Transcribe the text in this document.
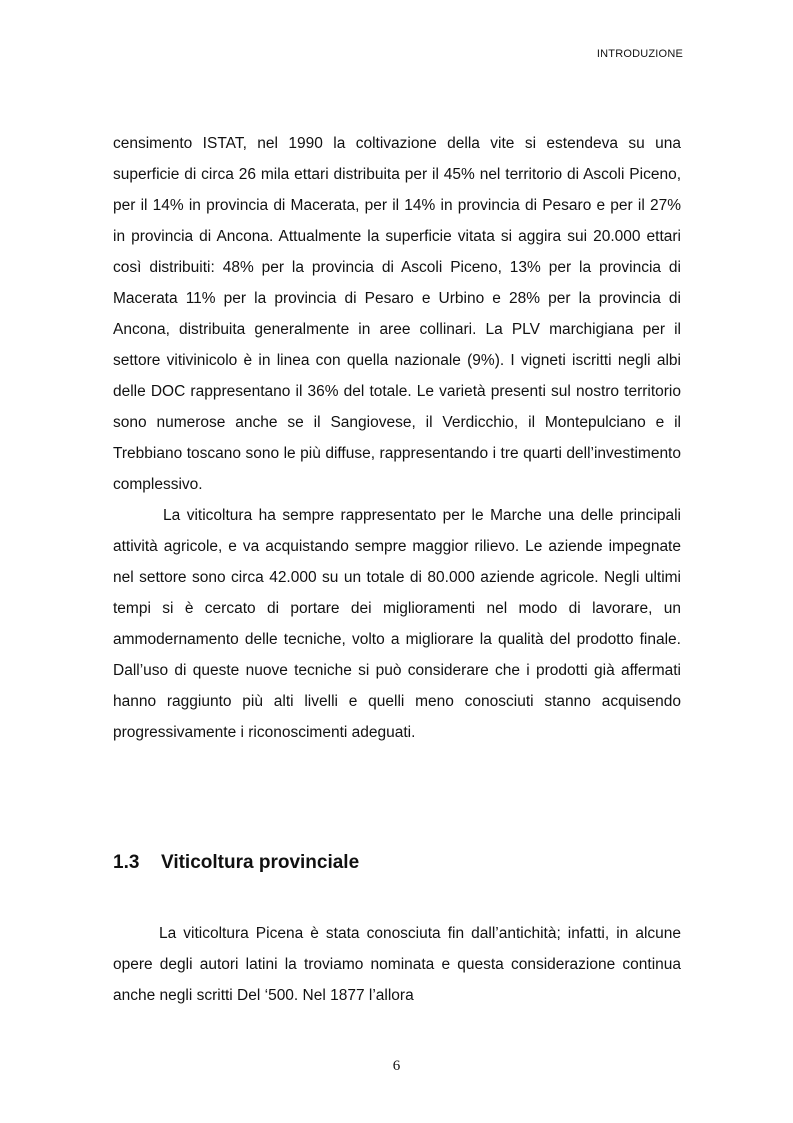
INTRODUZIONE

censimento ISTAT, nel 1990 la coltivazione della vite si estendeva su una superficie di circa 26 mila ettari distribuita per il 45% nel territorio di Ascoli Piceno, per il 14% in provincia di Macerata, per il 14% in provincia di Pesaro e per il 27% in provincia di Ancona. Attualmente la superficie vitata si aggira sui 20.000 ettari così distribuiti: 48% per la provincia di Ascoli Piceno, 13% per la provincia di Macerata 11% per la provincia di Pesaro e Urbino e 28% per la provincia di Ancona, distribuita generalmente in aree collinari. La PLV marchigiana per il settore vitivinicolo è in linea con quella nazionale (9%). I vigneti iscritti negli albi delle DOC rappresentano il 36% del totale. Le varietà presenti sul nostro territorio sono numerose anche se il Sangiovese, il Verdicchio, il Montepulciano e il Trebbiano toscano sono le più diffuse, rappresentando i tre quarti dell’investimento complessivo.

La viticoltura ha sempre rappresentato per le Marche una delle principali attività agricole, e va acquistando sempre maggior rilievo. Le aziende impegnate nel settore sono circa 42.000 su un totale di 80.000 aziende agricole. Negli ultimi tempi si è cercato di portare dei miglioramenti nel modo di lavorare, un ammodernamento delle tecniche, volto a migliorare la qualità del prodotto finale. Dall’uso di queste nuove tecniche si può considerare che i prodotti già affermati hanno raggiunto più alti livelli e quelli meno conosciuti stanno acquisendo progressivamente i riconoscimenti adeguati.

1.3 Viticoltura provinciale

La viticoltura Picena è stata conosciuta fin dall’antichità; infatti, in alcune opere degli autori latini la troviamo nominata e questa considerazione continua anche negli scritti Del ‘500. Nel 1877 l’allora

6
